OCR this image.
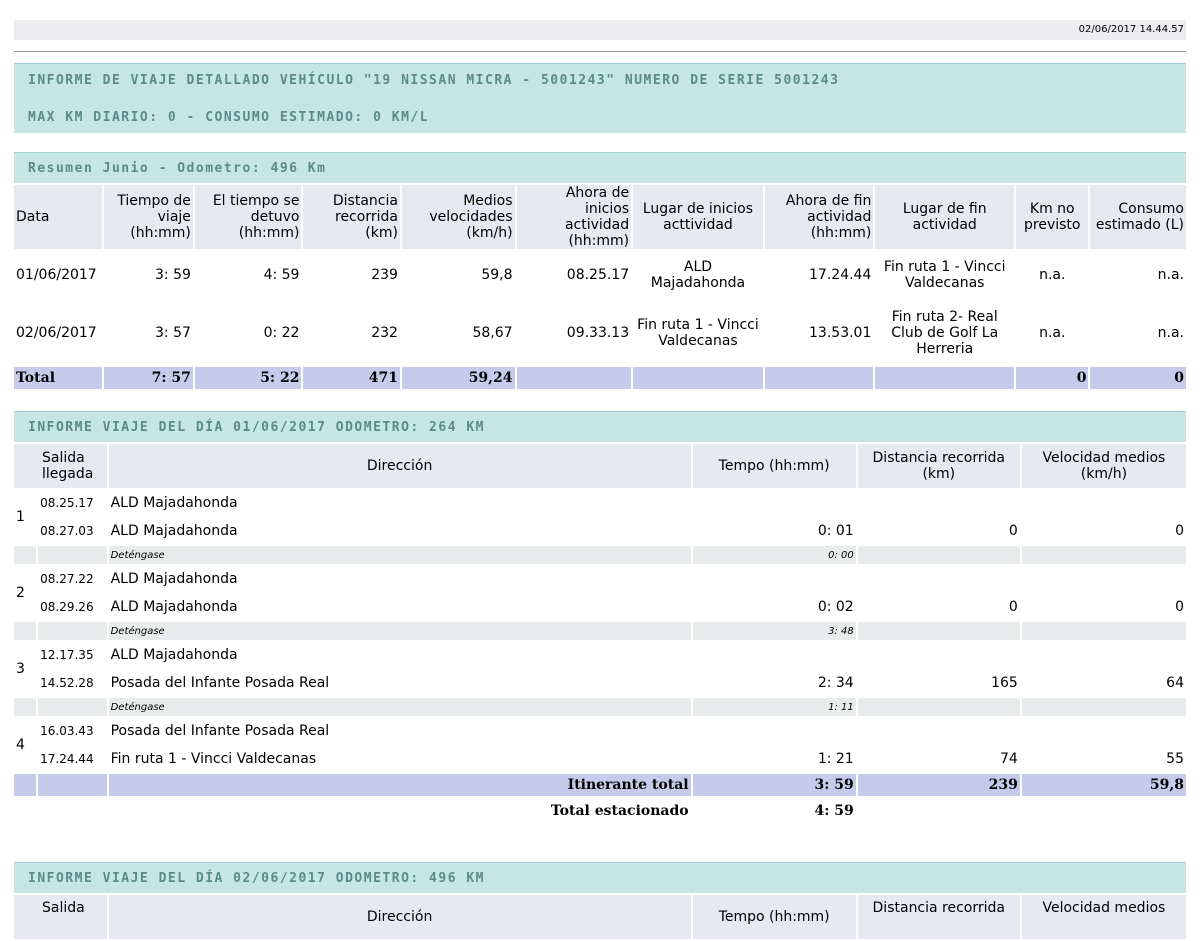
02/06/2017 14.44.57
INFORME DE VIAJE DETALLADO VEHÍCULO "19 NISSAN MICRA - 5001243" NUMERO DE SERIE 5001243
MAX KM DIARIO: 0 - CONSUMO ESTIMADO: 0 KM/L
Resumen Junio - Odometro: 496 Km
Data	Tiempo de viaje (hh:mm)	El tiempo se detuvo (hh:mm)	Distancia recorrida (km)	Medios velocidades (km/h)	Ahora de inicios actividad (hh:mm)	Lugar de inicios acttividad	Ahora de fin actividad (hh:mm)	Lugar de fin actividad	Km no previsto	Consumo estimado (L)
01/06/2017	3: 59	4: 59	239	59,8	08.25.17	ALD Majadahonda	17.24.44	Fin ruta 1 - Vincci Valdecanas	n.a.	n.a.
02/06/2017	3: 57	0: 22	232	58,67	09.33.13	Fin ruta 1 - Vincci Valdecanas	13.53.01	Fin ruta 2- Real Club de Golf La Herreria	n.a.	n.a.
Total	7: 57	5: 22	471	59,24					0	0
INFORME VIAJE DEL DÍA 01/06/2017 ODOMETRO: 264 KM
Salida llegada		Dirección	Tempo (hh:mm)	Distancia recorrida (km)	Velocidad medios (km/h)
1	08.25.17	ALD Majadahonda			
	08.27.03	ALD Majadahonda	0: 01	0	0
		Deténgase	0: 00		
2	08.27.22	ALD Majadahonda			
	08.29.26	ALD Majadahonda	0: 02	0	0
		Deténgase	3: 48		
3	12.17.35	ALD Majadahonda			
	14.52.28	Posada del Infante Posada Real	2: 34	165	64
		Deténgase	1: 11		
4	16.03.43	Posada del Infante Posada Real			
	17.24.44	Fin ruta 1 - Vincci Valdecanas	1: 21	74	55
		Itinerante total	3: 59	239	59,8
		Total estacionado	4: 59		
INFORME VIAJE DEL DÍA 02/06/2017 ODOMETRO: 496 KM
Salida	Dirección	Tempo (hh:mm)	Distancia recorrida	Velocidad medios
